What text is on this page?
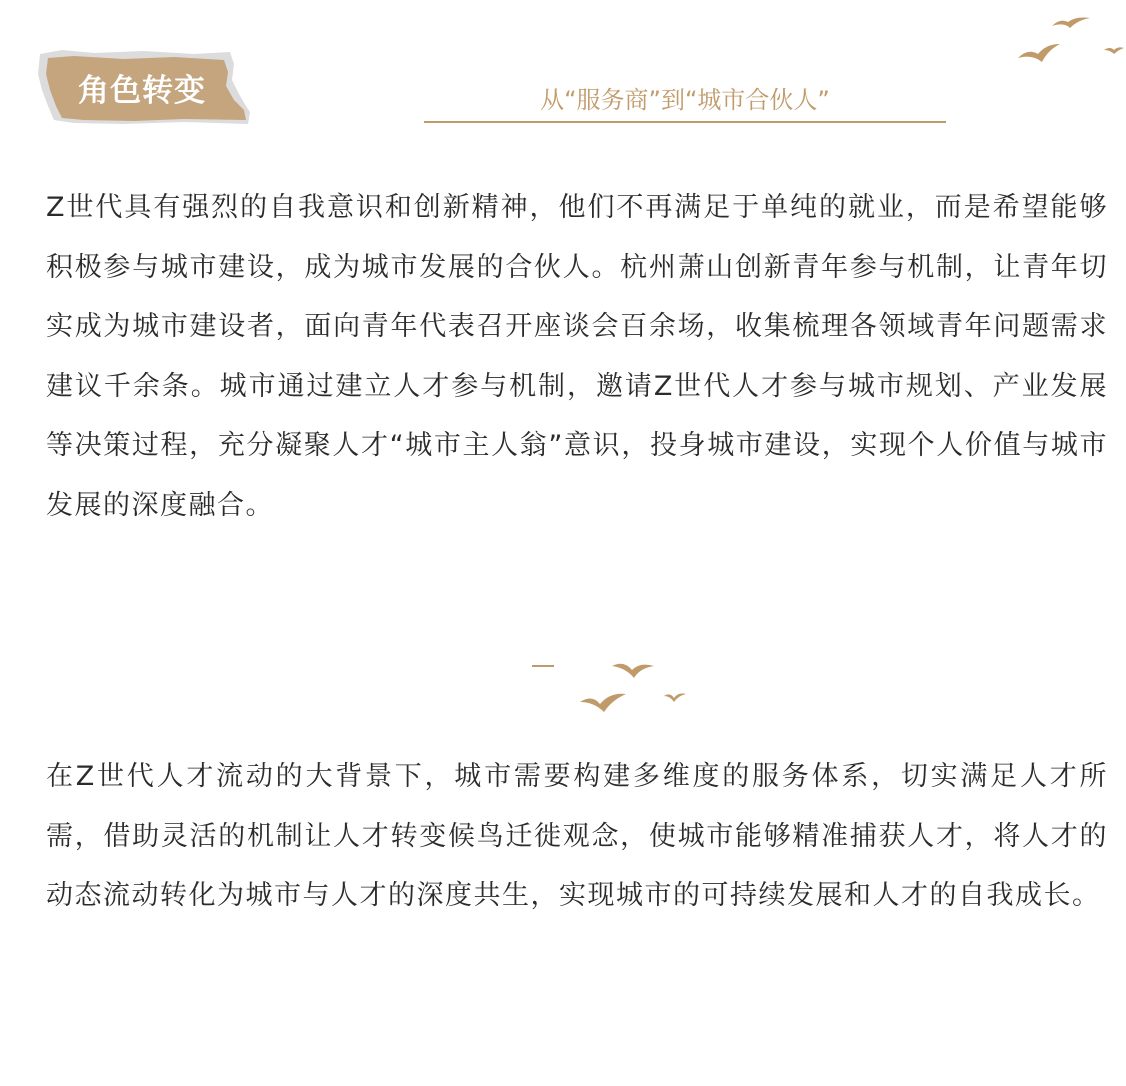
角色转变	从“服务商”到“城市合伙人”

Z世代具有强烈的自我意识和创新精神，他们不再满足于单纯的就业，而是希望能够积极参与城市建设，成为城市发展的合伙人。杭州萧山创新青年参与机制，让青年切实成为城市建设者，面向青年代表召开座谈会百余场，收集梳理各领域青年问题需求建议千余条。城市通过建立人才参与机制，邀请Z世代人才参与城市规划、产业发展等决策过程，充分凝聚人才“城市主人翁”意识，投身城市建设，实现个人价值与城市发展的深度融合。

在Z世代人才流动的大背景下，城市需要构建多维度的服务体系，切实满足人才所需，借助灵活的机制让人才转变候鸟迁徙观念，使城市能够精准捕获人才，将人才的动态流动转化为城市与人才的深度共生，实现城市的可持续发展和人才的自我成长。
